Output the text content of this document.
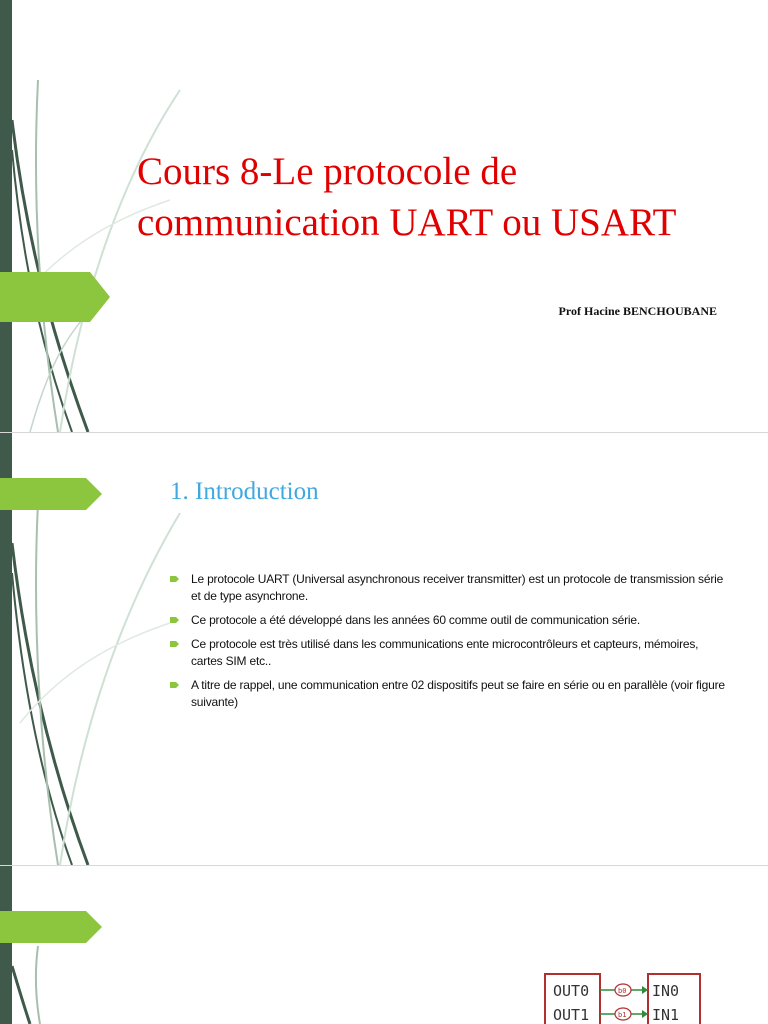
Cours 8-Le protocole de communication UART ou USART
Prof Hacine BENCHOUBANE
1. Introduction
Le protocole UART (Universal asynchronous receiver transmitter) est un protocole de transmission série et de type asynchrone.
Ce protocole a été développé dans les années 60 comme outil de communication série.
Ce protocole est très utilisé dans les communications ente microcontrôleurs et capteurs, mémoires, cartes SIM etc..
A titre de rappel, une communication entre 02 dispositifs peut se faire en série ou en parallèle (voir figure suivante)
OUT0
OUT1
IN0
IN1
b0
b1
